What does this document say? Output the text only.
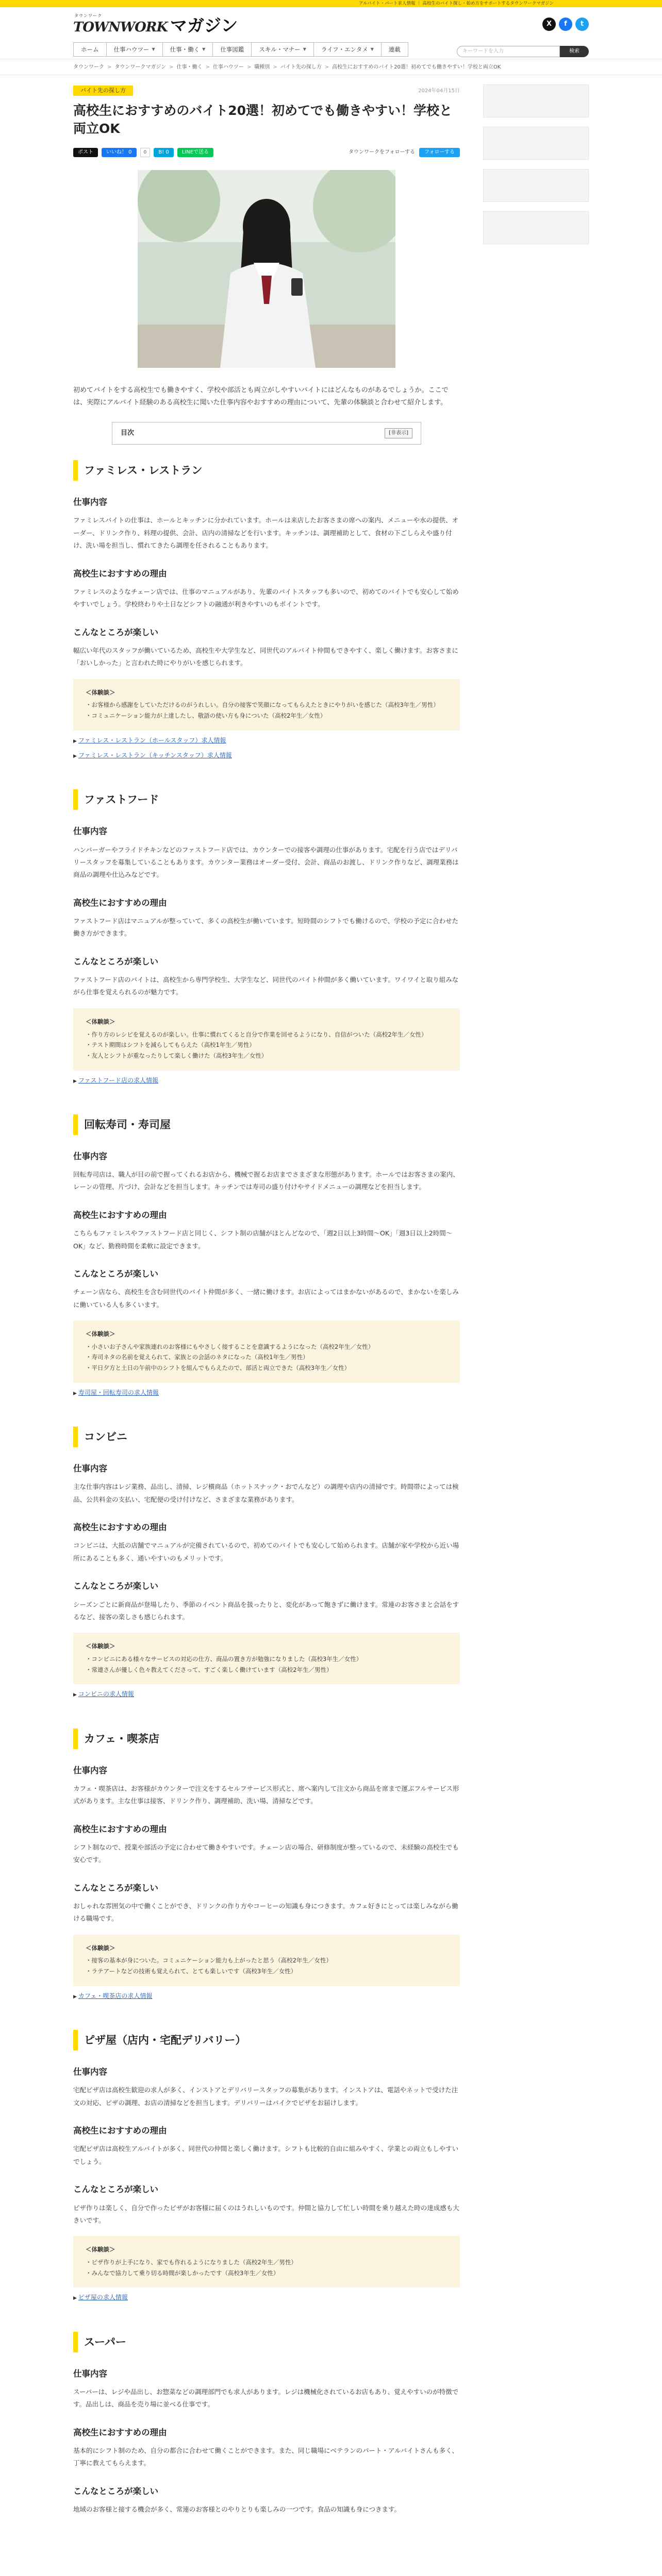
アルバイト・パート求人情報 ｜ 高校生のバイト探し・始め方をサポートするタウンワークマガジン
タウンワーク
TOWNWORK マガジン	X	f	t
ホーム	仕事ハウツー ▼	仕事・働く ▼	仕事図鑑	スキル・マナー ▼	ライフ・エンタメ ▼	連載	キーワードを入力	検索
タウンワーク > タウンワークマガジン > 仕事・働く > 仕事ハウツー > 職種別 > バイト先の探し方 > 高校生におすすめのバイト20選！初めてでも働きやすい！学校と両立OK
バイト先の探し方	2024年04月15日
高校生におすすめのバイト20選！初めてでも働きやすい！学校と両立OK
ポスト	いいね！ 0	0	B! 0	LINEで送る	タウンワークをフォローする	フォローする

初めてバイトをする高校生でも働きやすく、学校や部活とも両立がしやすいバイトにはどんなものがあるでしょうか。ここでは、実際にアルバイト経験のある高校生に聞いた仕事内容やおすすめの理由について、先輩の体験談と合わせて紹介します。

目次	[非表示]
ファミレス・レストラン
仕事内容

ファミレスバイトの仕事は、ホールとキッチンに分かれています。ホールは来店したお客さまの席への案内、メニューや水の提供、オーダー、ドリンク作り、料理の提供、会計、店内の清掃などを行います。キッチンは、調理補助として、食材の下ごしらえや盛り付け、洗い場を担当し、慣れてきたら調理を任されることもあります。

高校生におすすめの理由

ファミレスのようなチェーン店では、仕事のマニュアルがあり、先輩のバイトスタッフも多いので、初めてのバイトでも安心して始めやすいでしょう。学校終わりや土日などシフトの融通が利きやすいのもポイントです。

こんなところが楽しい

幅広い年代のスタッフが働いているため、高校生や大学生など、同世代のアルバイト仲間もできやすく、楽しく働けます。お客さまに「おいしかった」と言われた時にやりがいを感じられます。

＜体験談＞
・ お客様から感謝をしていただけるのがうれしい。自分の接客で笑顔になってもらえたときにやりがいを感じた（高校3年生／男性）
・ コミュニケーション能力が上達したし、敬語の使い方も身についた（高校2年生／女性）
▶ ファミレス・レストラン（ホールスタッフ）求人情報
▶ ファミレス・レストラン（キッチンスタッフ）求人情報
ファストフード
仕事内容

ハンバーガーやフライドチキンなどのファストフード店では、カウンターでの接客や調理の仕事があります。宅配を行う店ではデリバリースタッフを募集していることもあります。カウンター業務はオーダー受付、会計、商品のお渡し、ドリンク作りなど、調理業務は商品の調理や仕込みなどです。

高校生におすすめの理由

ファストフード店はマニュアルが整っていて、多くの高校生が働いています。短時間のシフトでも働けるので、学校の予定に合わせた働き方ができます。

こんなところが楽しい

ファストフード店のバイトは、高校生から専門学校生、大学生など、同世代のバイト仲間が多く働いています。ワイワイと取り組みながら仕事を覚えられるのが魅力です。

＜体験談＞
・ 作り方のレシピを覚えるのが楽しい。仕事に慣れてくると自分で作業を回せるようになり、自信がついた（高校2年生／女性）
・ テスト期間はシフトを減らしてもらえた（高校1年生／男性）
・ 友人とシフトが重なったりして楽しく働けた（高校3年生／女性）
▶ ファストフード店の求人情報
回転寿司・寿司屋
仕事内容

回転寿司店は、職人が目の前で握ってくれるお店から、機械で握るお店までさまざまな形態があります。ホールではお客さまの案内、レーンの管理、片づけ、会計などを担当します。キッチンでは寿司の盛り付けやサイドメニューの調理などを担当します。

高校生におすすめの理由

こちらもファミレスやファストフード店と同じく、シフト制の店舗がほとんどなので、「週2日以上3時間〜OK」「週3日以上2時間〜OK」など、勤務時間を柔軟に設定できます。

こんなところが楽しい

チェーン店なら、高校生を含む同世代のバイト仲間が多く、一緒に働けます。お店によってはまかないがあるので、まかないを楽しみに働いている人も多くいます。

＜体験談＞
・ 小さいお子さんや家族連れのお客様にもやさしく接することを意識するようになった（高校2年生／女性）
・ 寿司ネタの名前を覚えられて、家族との会話のネタになった（高校1年生／男性）
・ 平日夕方と土日の午前中のシフトを組んでもらえたので、部活と両立できた（高校3年生／女性）
▶ 寿司屋・回転寿司の求人情報
コンビニ
仕事内容

主な仕事内容はレジ業務、品出し、清掃、レジ横商品（ホットスナック・おでんなど）の調理や店内の清掃です。時間帯によっては検品、公共料金の支払い、宅配便の受け付けなど、さまざまな業務があります。

高校生におすすめの理由

コンビニは、大抵の店舗でマニュアルが完備されているので、初めてのバイトでも安心して始められます。店舗が家や学校から近い場所にあることも多く、通いやすいのもメリットです。

こんなところが楽しい

シーズンごとに新商品が登場したり、季節のイベント商品を扱ったりと、変化があって飽きずに働けます。常連のお客さまと会話をするなど、接客の楽しさも感じられます。

＜体験談＞
・ コンビニにある様々なサービスの対応の仕方、商品の置き方が勉強になりました（高校3年生／女性）
・ 常連さんが優しく色々教えてくださって、すごく楽しく働けています（高校2年生／男性）
▶ コンビニの求人情報
カフェ・喫茶店
仕事内容

カフェ・喫茶店は、お客様がカウンターで注文をするセルフサービス形式と、席へ案内して注文から商品を席まで運ぶフルサービス形式があります。主な仕事は接客、ドリンク作り、調理補助、洗い場、清掃などです。

高校生におすすめの理由

シフト制なので、授業や部活の予定に合わせて働きやすいです。チェーン店の場合、研修制度が整っているので、未経験の高校生でも安心です。

こんなところが楽しい

おしゃれな雰囲気の中で働くことができ、ドリンクの作り方やコーヒーの知識も身につきます。カフェ好きにとっては楽しみながら働ける職場です。

＜体験談＞
・ 接客の基本が身についた。コミュニケーション能力も上がったと思う（高校2年生／女性）
・ ラテアートなどの技術も覚えられて、とても楽しいです（高校3年生／女性）
▶ カフェ・喫茶店の求人情報
ピザ屋（店内・宅配デリバリー）
仕事内容

宅配ピザ店は高校生歓迎の求人が多く、インストアとデリバリースタッフの募集があります。インストアは、電話やネットで受けた注文の対応、ピザの調理、お店の清掃などを担当します。デリバリーはバイクでピザをお届けします。

高校生におすすめの理由

宅配ピザ店は高校生アルバイトが多く、同世代の仲間と楽しく働けます。シフトも比較的自由に組みやすく、学業との両立もしやすいでしょう。

こんなところが楽しい

ピザ作りは楽しく、自分で作ったピザがお客様に届くのはうれしいものです。仲間と協力して忙しい時間を乗り越えた時の達成感も大きいです。

＜体験談＞
・ ピザ作りが上手になり、家でも作れるようになりました（高校2年生／男性）
・ みんなで協力して乗り切る時間が楽しかったです（高校3年生／女性）
▶ ピザ屋の求人情報
スーパー
仕事内容

スーパーは、レジや品出し、お惣菜などの調理部門でも求人があります。レジは機械化されているお店もあり、覚えやすいのが特徴です。品出しは、商品を売り場に並べる仕事です。

高校生におすすめの理由

基本的にシフト制のため、自分の都合に合わせて働くことができます。また、同じ職場にベテランのパート・アルバイトさんも多く、丁寧に教えてもらえます。

こんなところが楽しい

地域のお客様と接する機会が多く、常連のお客様とのやりとりも楽しみの一つです。食品の知識も身につきます。
